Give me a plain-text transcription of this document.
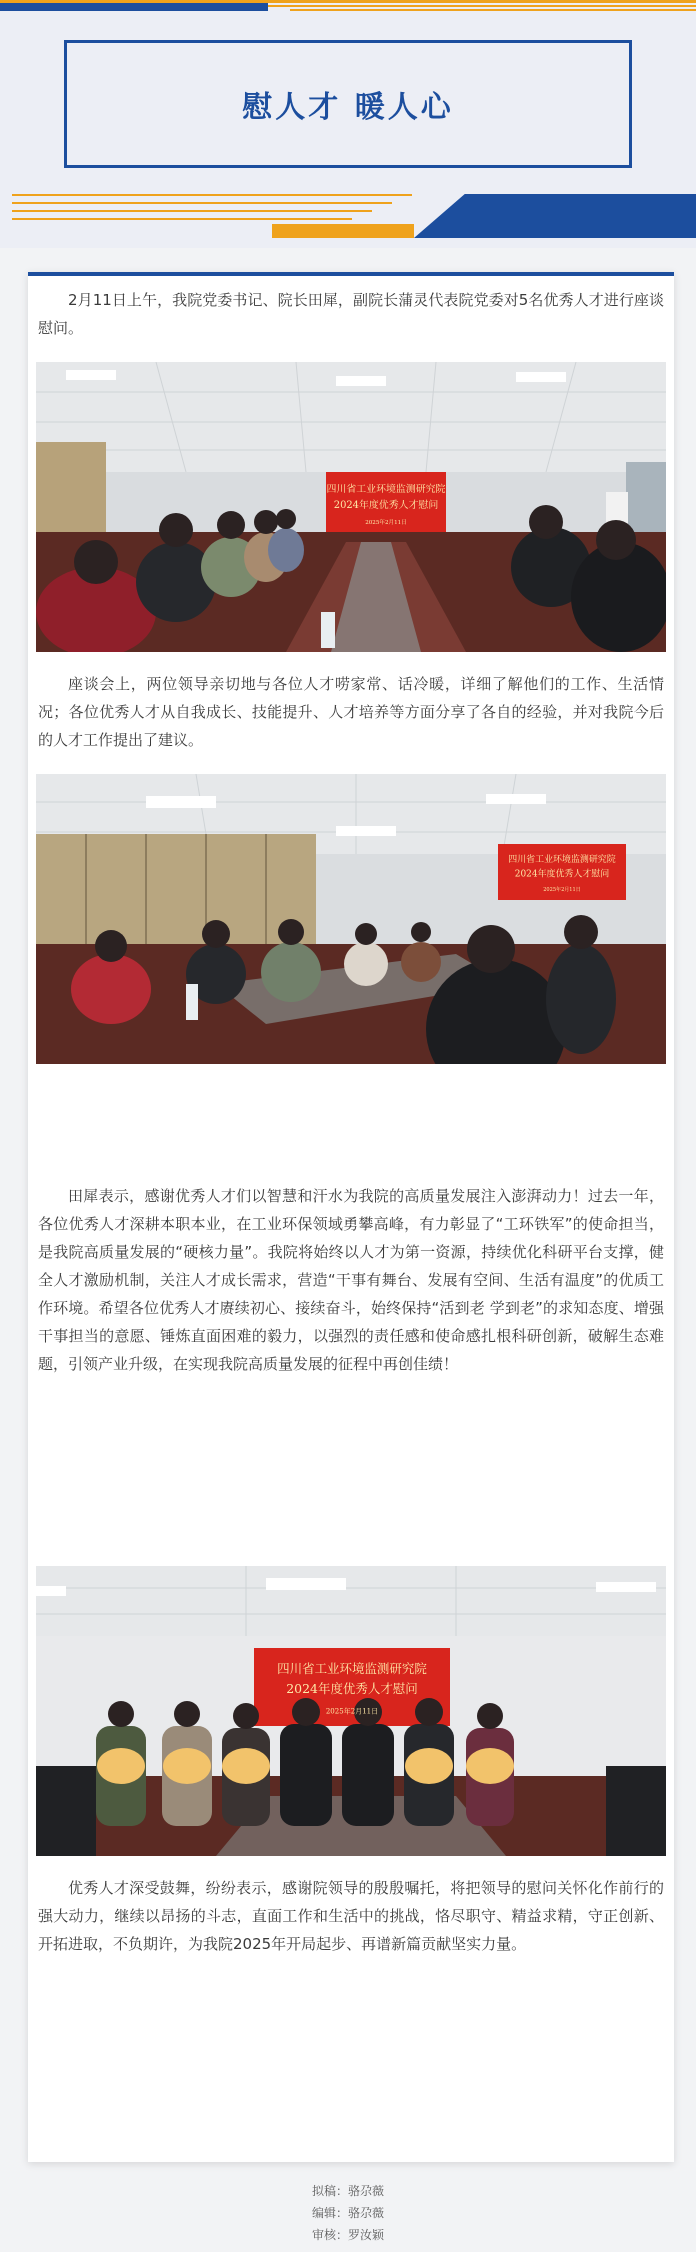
慰人才 暖人心

2月11日上午，我院党委书记、院长田犀，副院长蒲灵代表院党委对5名优秀人才进行座谈慰问。

四川省工业环境监测研究院
2024年度优秀人才慰问
2025年2月11日

座谈会上，两位领导亲切地与各位人才唠家常、话冷暖，详细了解他们的工作、生活情况；各位优秀人才从自我成长、技能提升、人才培养等方面分享了各自的经验，并对我院今后的人才工作提出了建议。

四川省工业环境监测研究院
2024年度优秀人才慰问
2025年2月11日

田犀表示，感谢优秀人才们以智慧和汗水为我院的高质量发展注入澎湃动力！过去一年，各位优秀人才深耕本职本业，在工业环保领域勇攀高峰，有力彰显了“工环铁军”的使命担当，是我院高质量发展的“硬核力量”。我院将始终以人才为第一资源，持续优化科研平台支撑，健全人才激励机制，关注人才成长需求，营造“干事有舞台、发展有空间、生活有温度”的优质工作环境。希望各位优秀人才赓续初心、接续奋斗，始终保持“活到老 学到老”的求知态度、增强干事担当的意愿、锤炼直面困难的毅力，以强烈的责任感和使命感扎根科研创新，破解生态难题，引领产业升级，在实现我院高质量发展的征程中再创佳绩！

四川省工业环境监测研究院
2024年度优秀人才慰问
2025年2月11日

优秀人才深受鼓舞，纷纷表示，感谢院领导的殷殷嘱托，将把领导的慰问关怀化作前行的强大动力，继续以昂扬的斗志，直面工作和生活中的挑战，恪尽职守、精益求精，守正创新、开拓进取，不负期许，为我院2025年开局起步、再谱新篇贡献坚实力量。

拟稿：骆尕薇
编辑：骆尕薇
审核：罗汝颖
